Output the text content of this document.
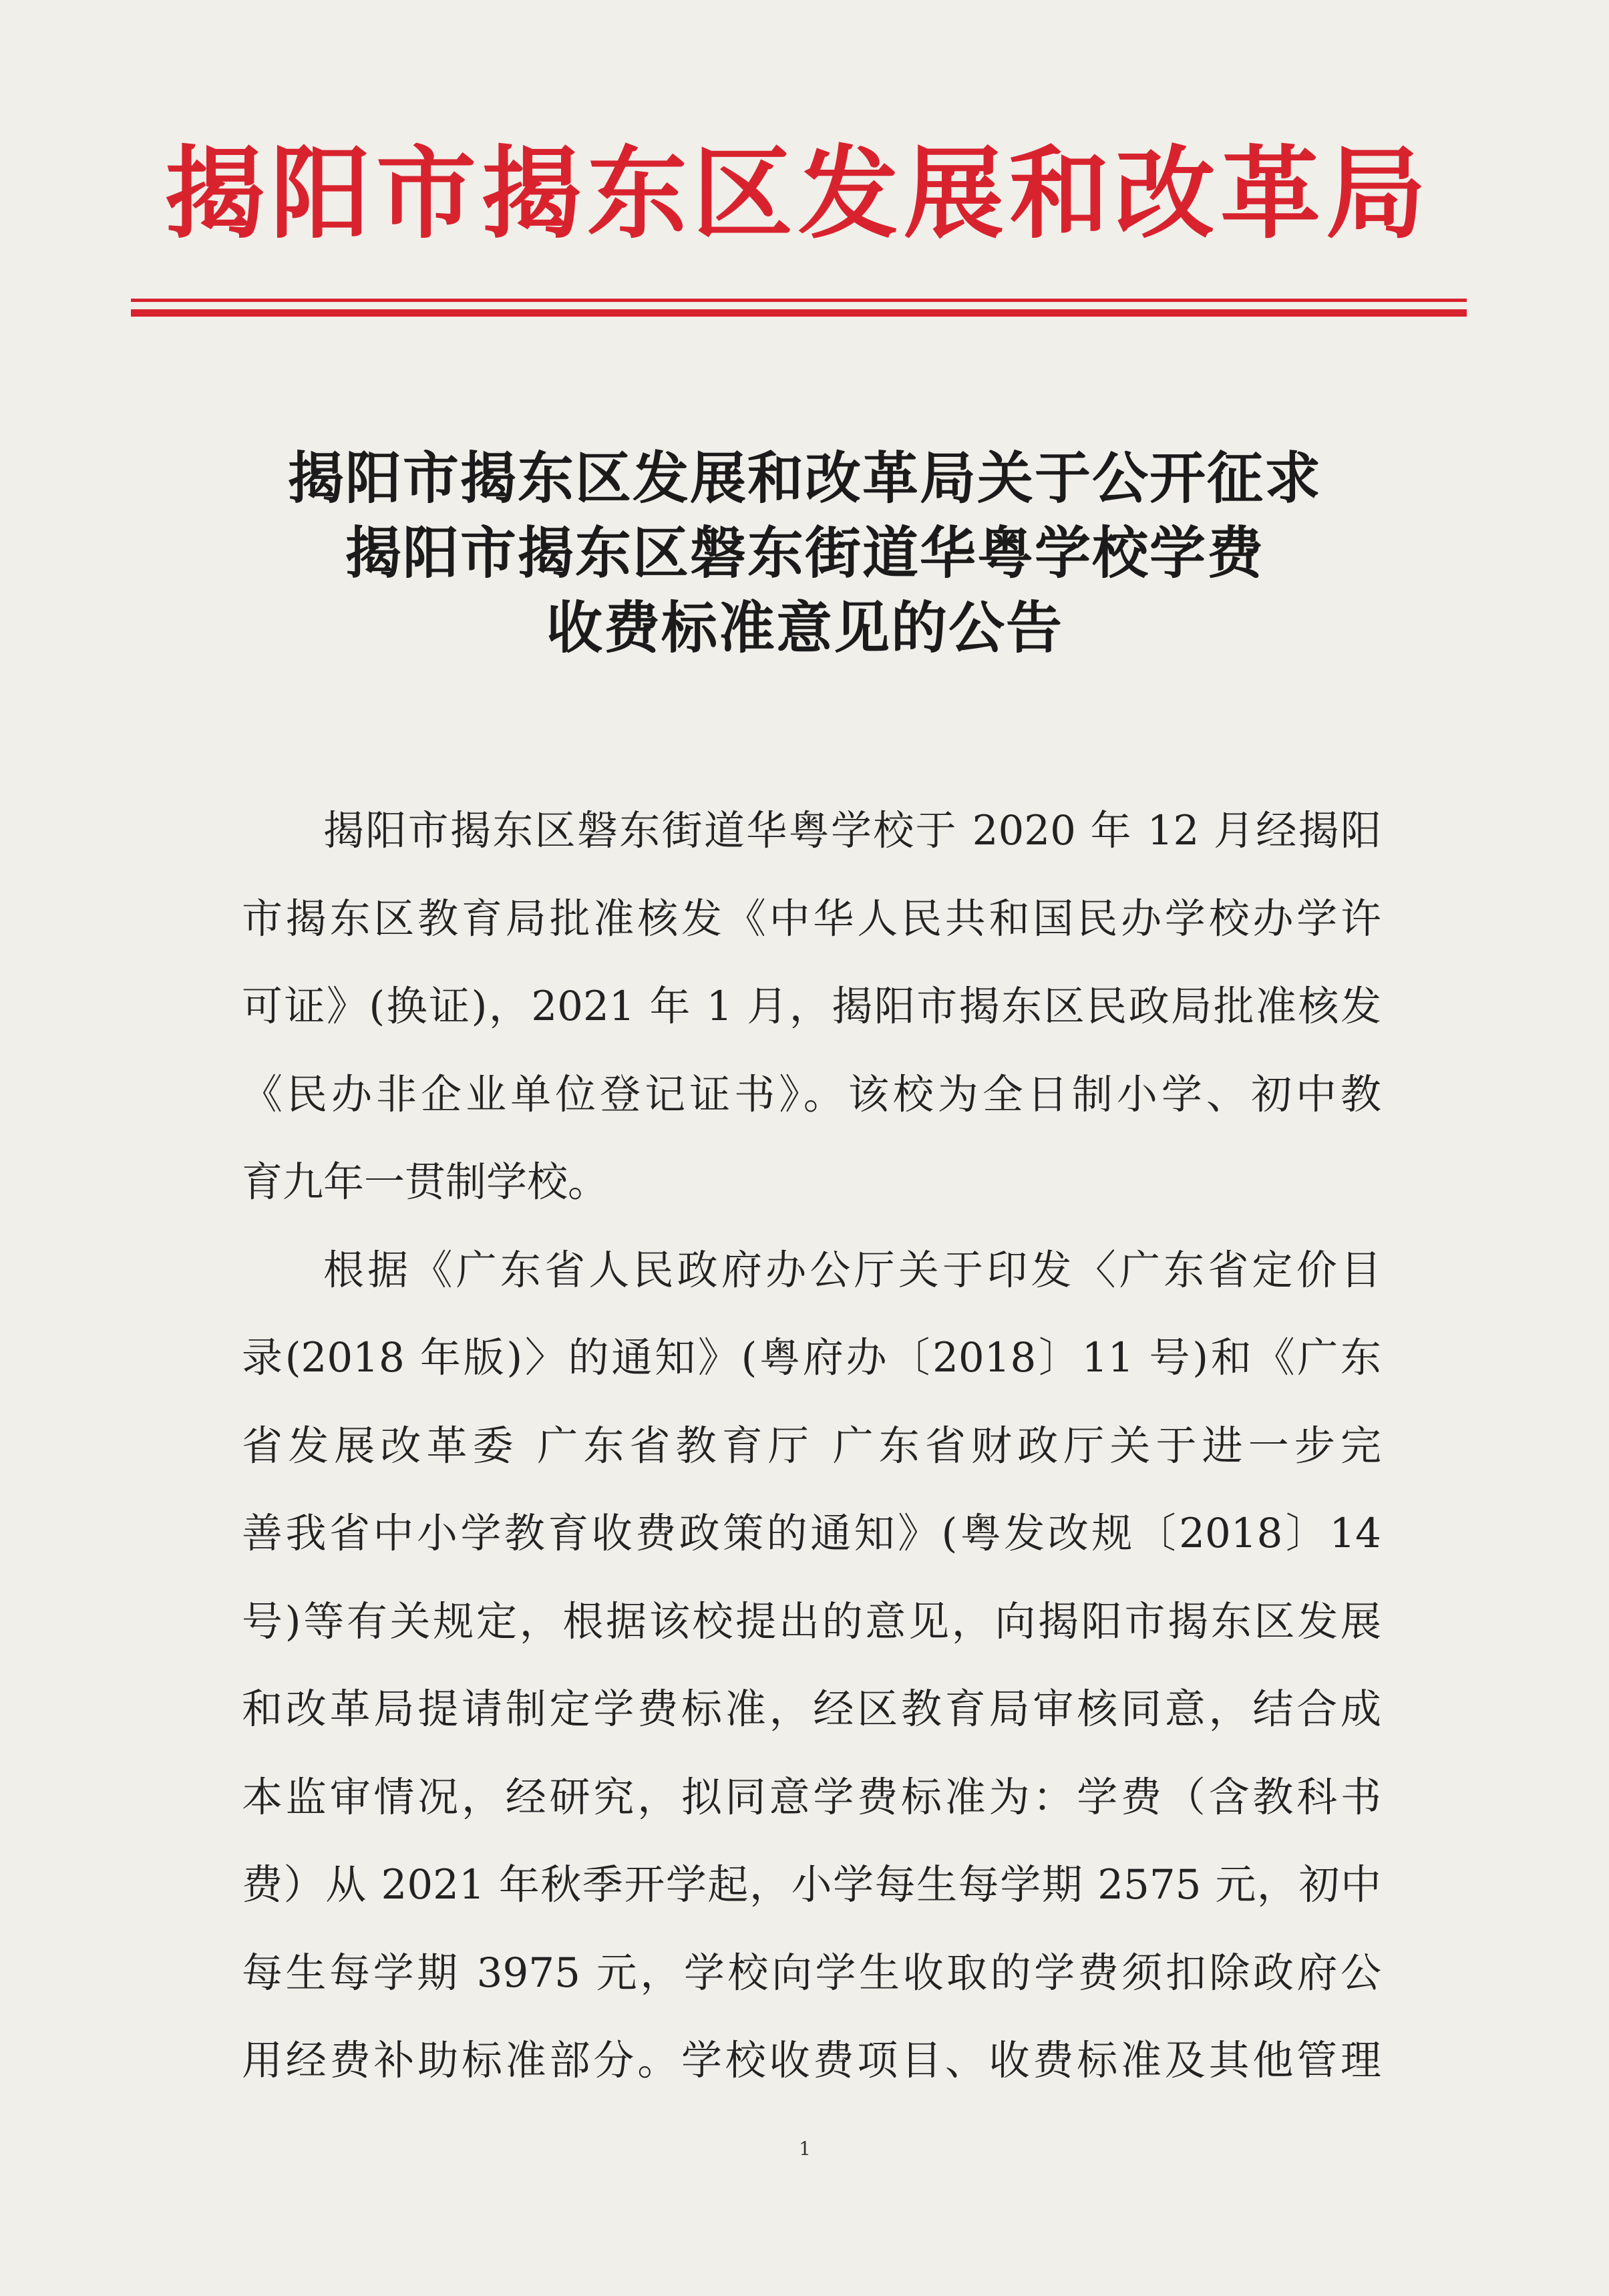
揭阳市揭东区发展和改革局
揭阳市揭东区发展和改革局关于公开征求
揭阳市揭东区磐东街道华粤学校学费
收费标准意见的公告
揭阳市揭东区磐东街道华粤学校于 2020 年 12 月经揭阳
市揭东区教育局批准核发《中华人民共和国民办学校办学许
可证》(换证)，2021 年 1 月，揭阳市揭东区民政局批准核发
《民办非企业单位登记证书》。该校为全日制小学、初中教
育九年一贯制学校。
根据《广东省人民政府办公厅关于印发〈广东省定价目
录(2018 年版)〉的通知》(粤府办〔2018〕11 号)和《广东
省发展改革委 广东省教育厅 广东省财政厅关于进一步完
善我省中小学教育收费政策的通知》(粤发改规〔2018〕14
号)等有关规定，根据该校提出的意见，向揭阳市揭东区发展
和改革局提请制定学费标准，经区教育局审核同意，结合成
本监审情况，经研究，拟同意学费标准为：学费（含教科书
费）从 2021 年秋季开学起，小学每生每学期 2575 元，初中
每生每学期 3975 元，学校向学生收取的学费须扣除政府公
用经费补助标准部分。学校收费项目、收费标准及其他管理
1
